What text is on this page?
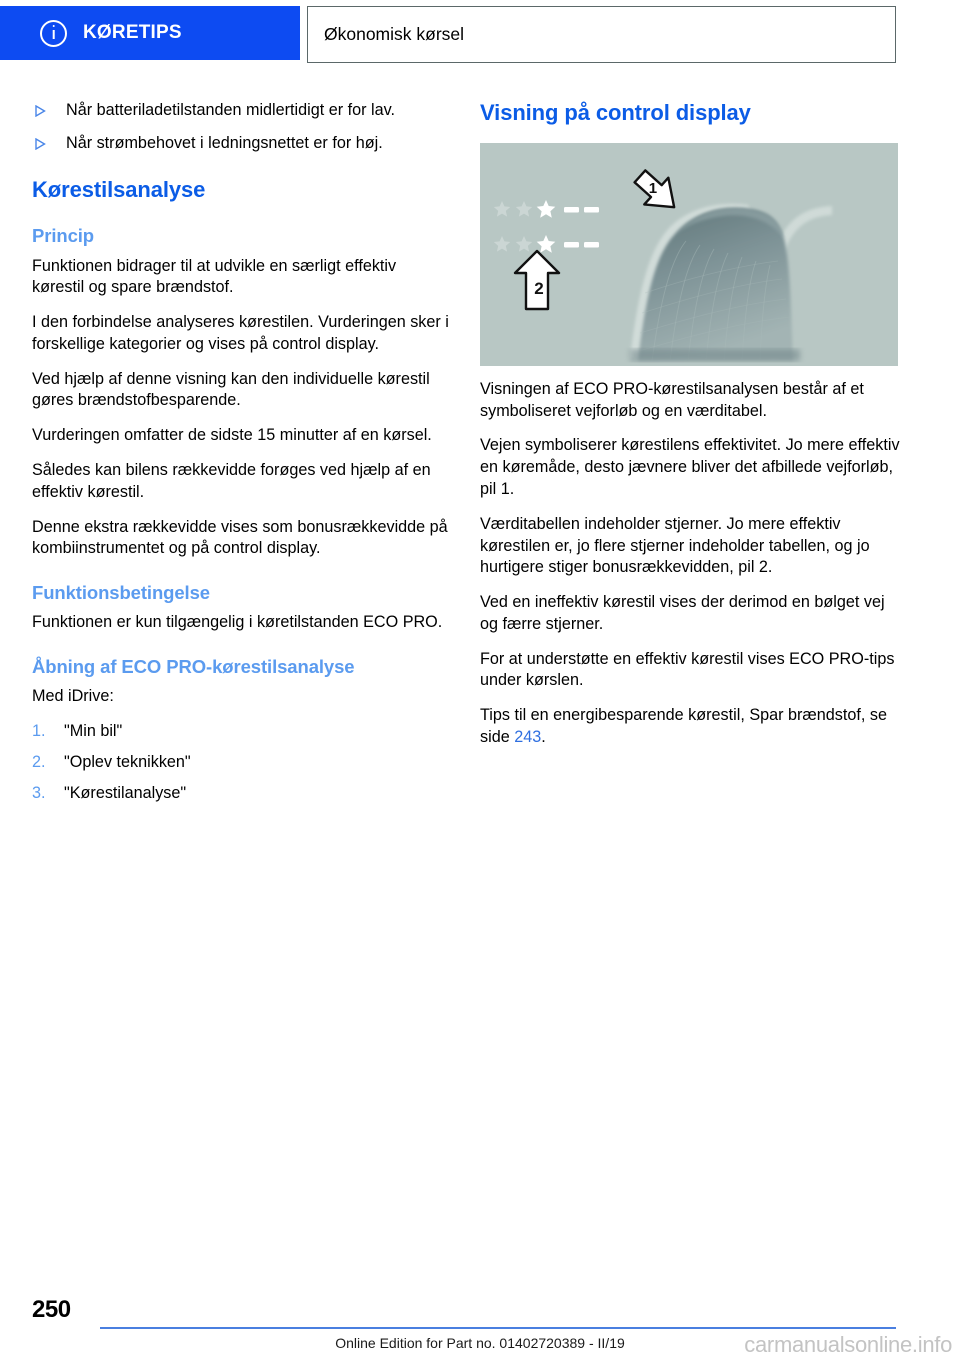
KØRETIPS	Økonomisk kørsel
Når batteriladetilstanden midlertidigt er for lav.
Når strømbehovet i ledningsnettet er for høj.
Kørestilsanalyse
Princip

Funktionen bidrager til at udvikle en særligt effektiv kørestil og spare brændstof.

I den forbindelse analyseres kørestilen. Vurderingen sker i forskellige kategorier og vises på control display.

Ved hjælp af denne visning kan den individuelle kørestil gøres brændstofbesparende.

Vurderingen omfatter de sidste 15 minutter af en kørsel.

Således kan bilens rækkevidde forøges ved hjælp af en effektiv kørestil.

Denne ekstra rækkevidde vises som bonusrækkevidde på kombiinstrumentet og på control display.

Funktionsbetingelse

Funktionen er kun tilgængelig i køretilstanden ECO PRO.

Åbning af ECO PRO-kørestilsanalyse

Med iDrive:

1. "Min bil"
2. "Oplev teknikken"
3. "Kørestilanalyse"
Visning på control display
1
2

Visningen af ECO PRO-kørestilsanalysen består af et symboliseret vejforløb og en værditabel.

Vejen symboliserer kørestilens effektivitet. Jo mere effektiv en køremåde, desto jævnere bliver det afbillede vejforløb, pil 1.

Værditabellen indeholder stjerner. Jo mere effektiv kørestilen er, jo flere stjerner indeholder tabellen, og jo hurtigere stiger bonusrækkevidden, pil 2.

Ved en ineffektiv kørestil vises der derimod en bølget vej og færre stjerner.

For at understøtte en effektiv kørestil vises ECO PRO-tips under kørslen.

Tips til en energibesparende kørestil, Spar brændstof, se side 243.

250
Online Edition for Part no. 01402720389 - II/19	carmanualsonline.info
